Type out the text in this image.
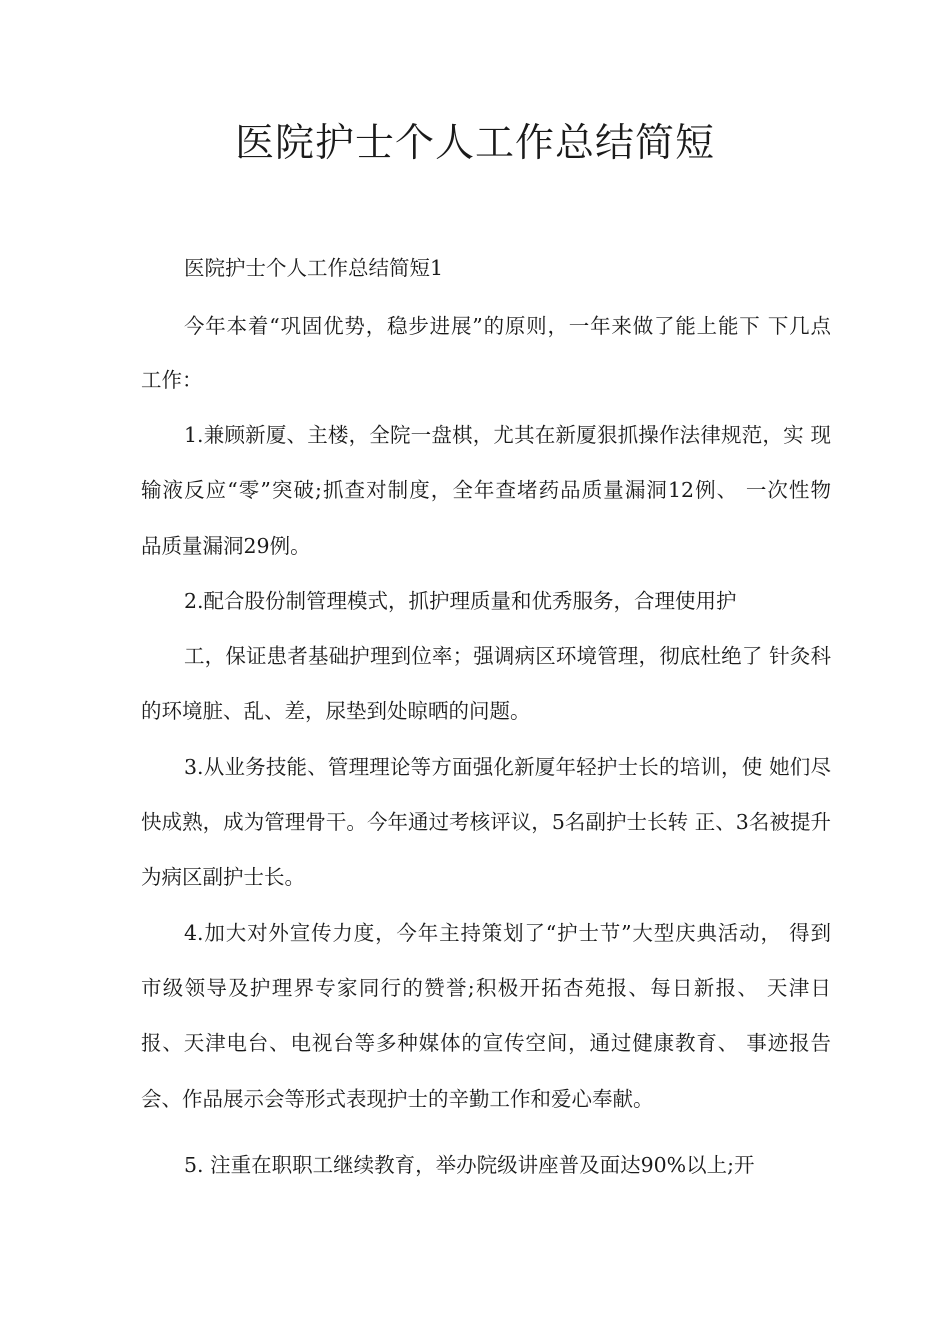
医院护士个人工作总结简短

医院护士个人工作总结简短1

今年本着“巩固优势，稳步进展”的原则，一年来做了能上能下 下几点

工作：

1.兼顾新厦、主楼，全院一盘棋，尤其在新厦狠抓操作法律规范，实 现

输液反应“零”突破;抓查对制度，全年查堵药品质量漏洞12例、 一次性物

品质量漏洞29例。

2.配合股份制管理模式，抓护理质量和优秀服务，合理使用护

工，保证患者基础护理到位率；强调病区环境管理，彻底杜绝了 针灸科

的环境脏、乱、差，尿垫到处晾晒的问题。

3.从业务技能、管理理论等方面强化新厦年轻护士长的培训，使 她们尽

快成熟，成为管理骨干。今年通过考核评议，5名副护士长转 正、3名被提升

为病区副护士长。

4.加大对外宣传力度，今年主持策划了“护士节”大型庆典活动， 得到

市级领导及护理界专家同行的赞誉;积极开拓杏苑报、每日新报、 天津日

报、天津电台、电视台等多种媒体的宣传空间，通过健康教育、 事迹报告

会、作品展示会等形式表现护士的辛勤工作和爱心奉献。

5. 注重在职职工继续教育，举办院级讲座普及面达90%以上;开
